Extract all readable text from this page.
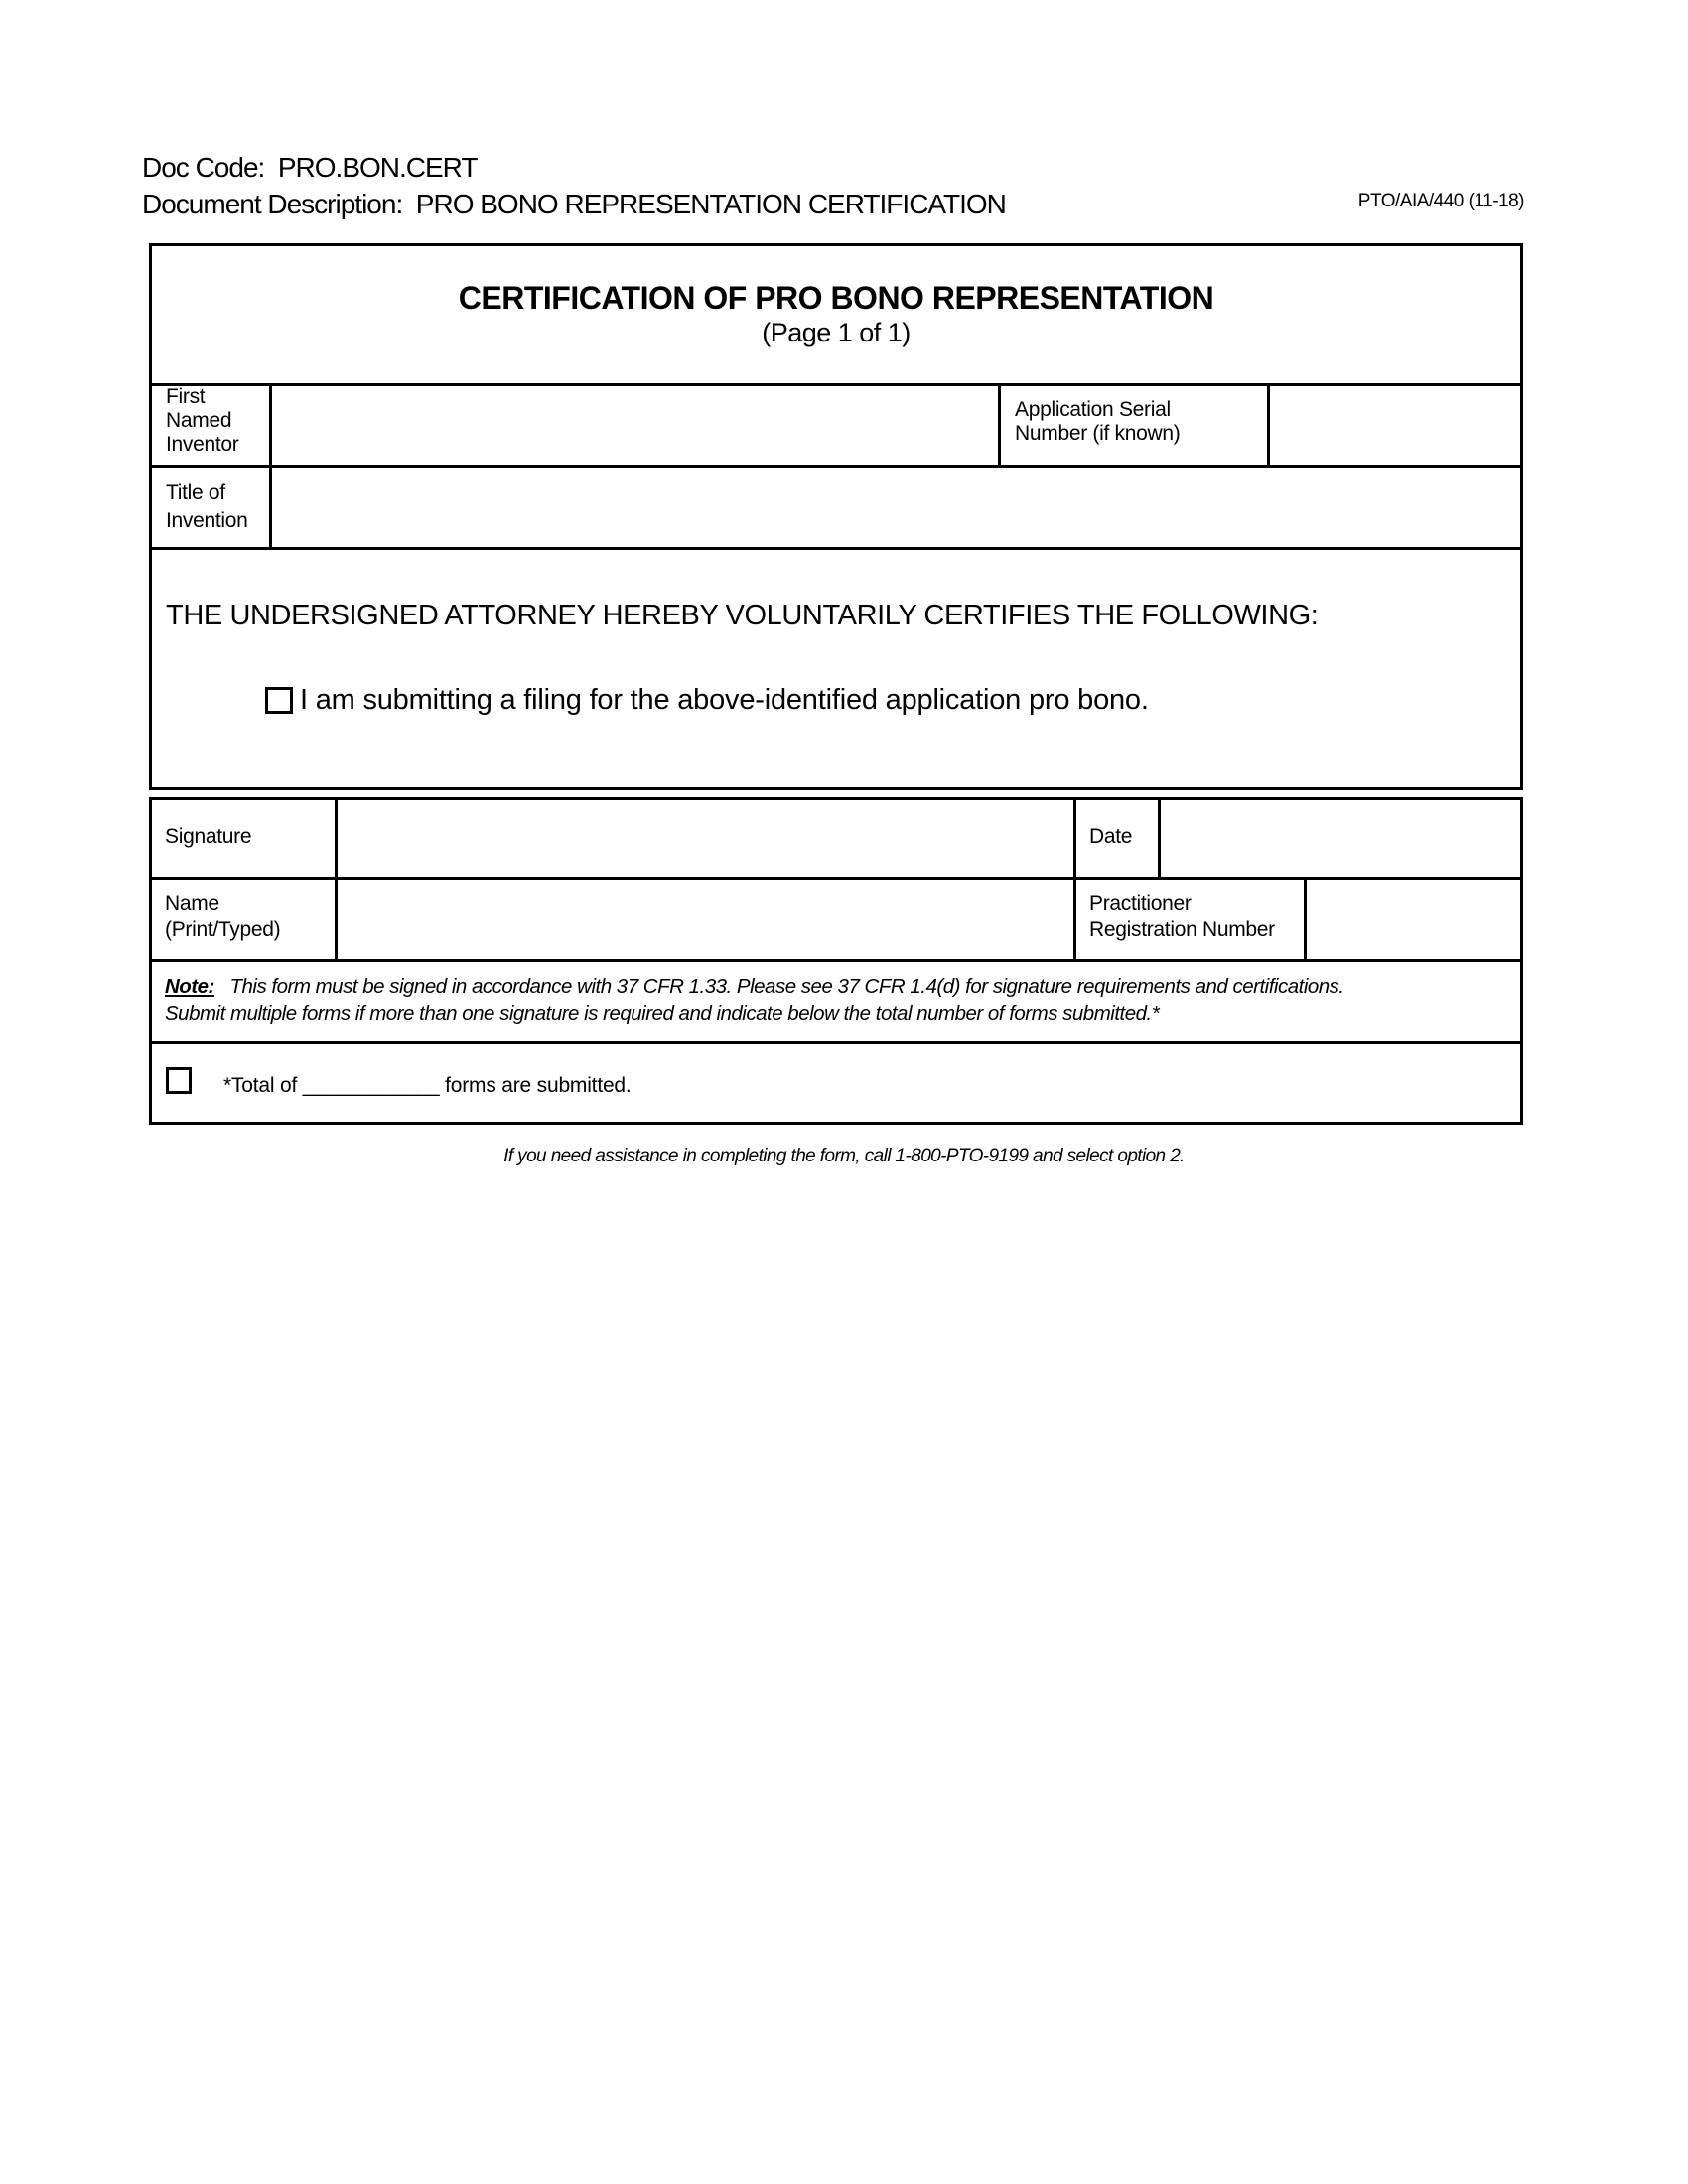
Doc Code: PRO.BON.CERT
Document Description: PRO BONO REPRESENTATION CERTIFICATION	PTO/AIA/440 (11-18)
CERTIFICATION OF PRO BONO REPRESENTATION
(Page 1 of 1)
First
Named
Inventor
Application Serial
Number (if known)
Title of
Invention
THE UNDERSIGNED ATTORNEY HEREBY VOLUNTARILY CERTIFIES THE FOLLOWING:
I am submitting a filing for the above-identified application pro bono.
Signature	Date
Name
(Print/Typed)
Practitioner
Registration Number
Note: This form must be signed in accordance with 37 CFR 1.33. Please see 37 CFR 1.4(d) for signature requirements and certifications.
Submit multiple forms if more than one signature is required and indicate below the total number of forms submitted.*
*Total of ____________ forms are submitted.
If you need assistance in completing the form, call 1-800-PTO-9199 and select option 2.
